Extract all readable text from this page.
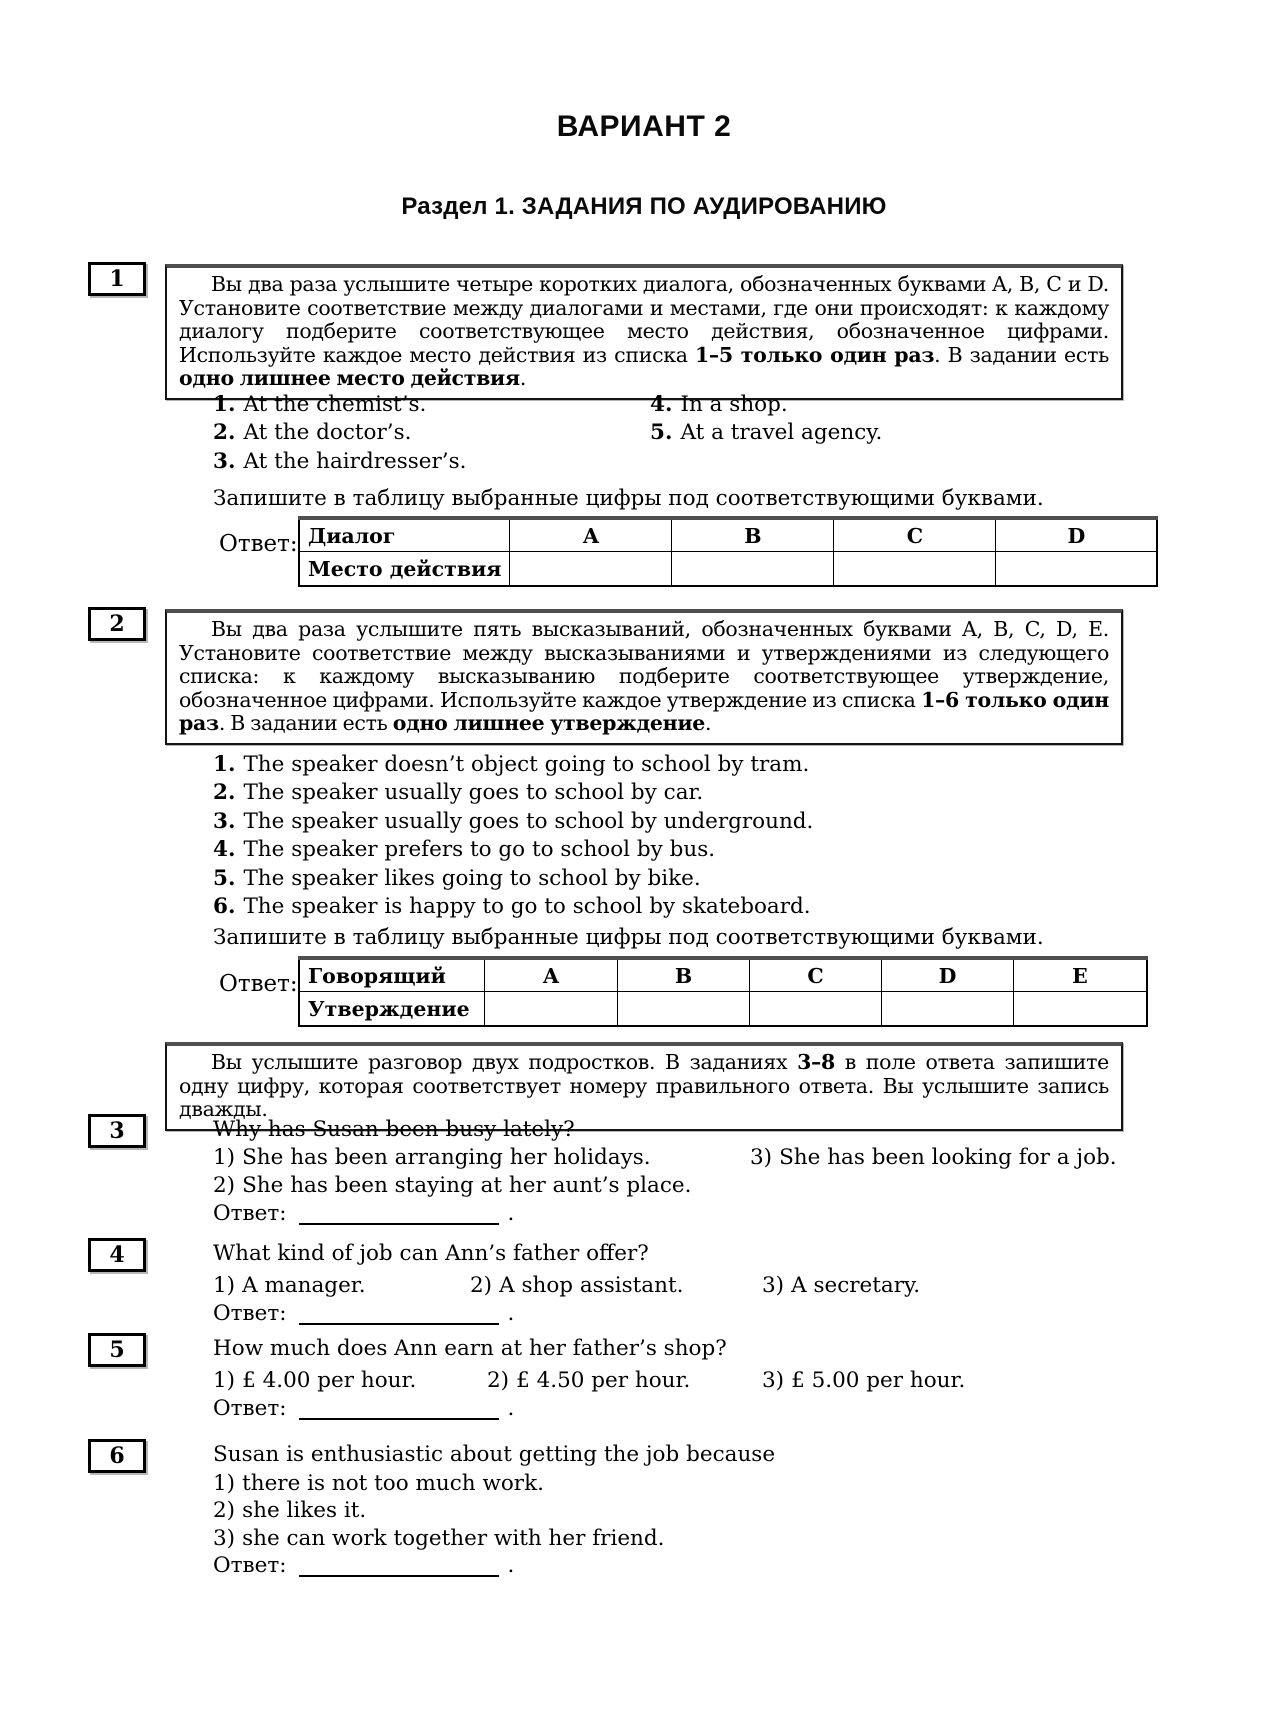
ВАРИАНТ 2
Раздел 1. ЗАДАНИЯ ПО АУДИРОВАНИЮ
1	Вы два раза услышите четыре коротких диалога, обозначенных буквами A, B, C и D. Установите соответствие между диалогами и местами, где они происходят: к каждому диалогу подберите соответствующее место действия, обозначенное цифрами. Используйте каждое место действия из списка 1–5 только один раз. В задании есть одно лишнее место действия.

1. At the chemist’s.
2. At the doctor’s.
3. At the hairdresser’s.
4. In a shop.
5. At a travel agency.
Запишите в таблицу выбранные цифры под соответствующими буквами.
Ответ: Диалог	A	B	C	D
Место действия				
2	Вы два раза услышите пять высказываний, обозначенных буквами A, B, C, D, E. Установите соответствие между высказываниями и утверждениями из следующего списка: к каждому высказыванию подберите соответствующее утверждение, обозначенное цифрами. Используйте каждое утверждение из списка 1–6 только один раз. В задании есть одно лишнее утверждение.

1. The speaker doesn’t object going to school by tram.
2. The speaker usually goes to school by car.
3. The speaker usually goes to school by underground.
4. The speaker prefers to go to school by bus.
5. The speaker likes going to school by bike.
6. The speaker is happy to go to school by skateboard.
Запишите в таблицу выбранные цифры под соответствующими буквами.
Ответ: Говорящий	A	B	C	D	E
Утверждение					

Вы услышите разговор двух подростков. В заданиях 3–8 в поле ответа запишите одну цифру, которая соответствует номеру правильного ответа. Вы услышите запись дважды.

3	Why has Susan been busy lately?
1) She has been arranging her holidays.	3) She has been looking for a job.
2) She has been staying at her aunt’s place.
Ответ:	.
4	What kind of job can Ann’s father offer?
1) A manager.	2) A shop assistant.	3) A secretary.
Ответ:	.
5	How much does Ann earn at her father’s shop?
1) £ 4.00 per hour.	2) £ 4.50 per hour.	3) £ 5.00 per hour.
Ответ:	.
6	Susan is enthusiastic about getting the job because
1) there is not too much work.
2) she likes it.
3) she can work together with her friend.
Ответ:	.
